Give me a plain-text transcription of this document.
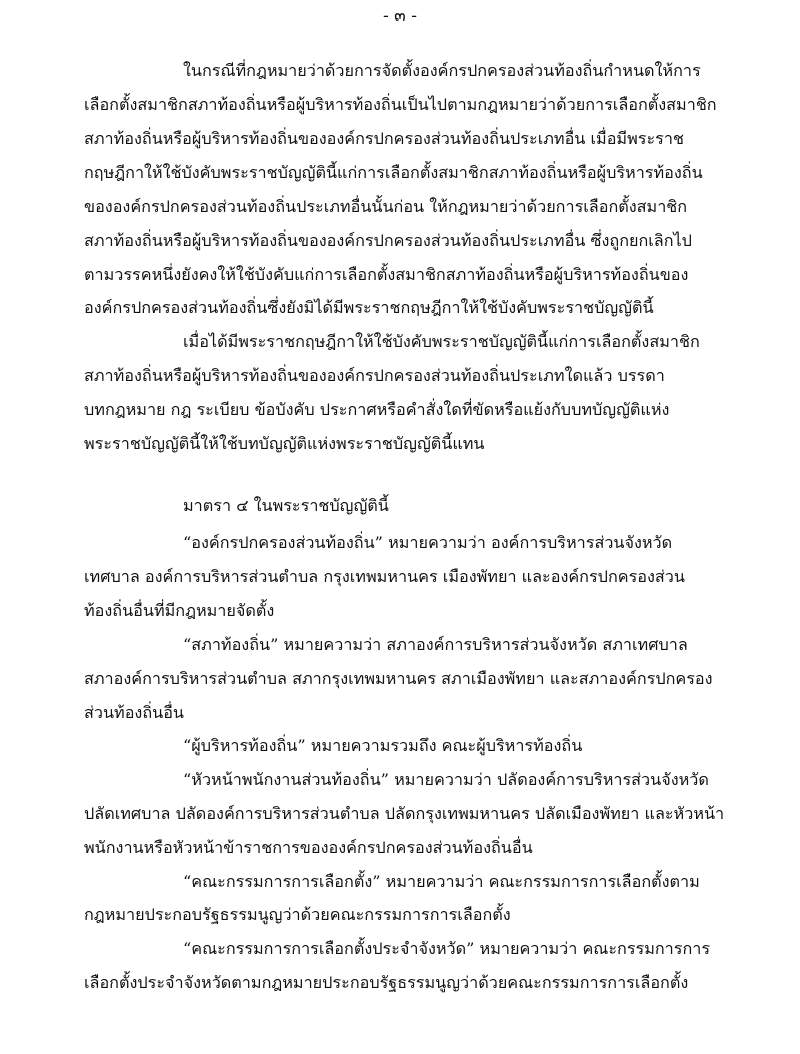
- ๓ -
ในกรณีที่กฎหมายว่าด้วยการจัดตั้งองค์กรปกครองส่วนท้องถิ่นกำหนดให้การ
เลือกตั้งสมาชิกสภาท้องถิ่นหรือผู้บริหารท้องถิ่นเป็นไปตามกฎหมายว่าด้วยการเลือกตั้งสมาชิก
สภาท้องถิ่นหรือผู้บริหารท้องถิ่นขององค์กรปกครองส่วนท้องถิ่นประเภทอื่น เมื่อมีพระราช
กฤษฎีกาให้ใช้บังคับพระราชบัญญัตินี้แก่การเลือกตั้งสมาชิกสภาท้องถิ่นหรือผู้บริหารท้องถิ่น
ขององค์กรปกครองส่วนท้องถิ่นประเภทอื่นนั้นก่อน ให้กฎหมายว่าด้วยการเลือกตั้งสมาชิก
สภาท้องถิ่นหรือผู้บริหารท้องถิ่นขององค์กรปกครองส่วนท้องถิ่นประเภทอื่น ซึ่งถูกยกเลิกไป
ตามวรรคหนึ่งยังคงให้ใช้บังคับแก่การเลือกตั้งสมาชิกสภาท้องถิ่นหรือผู้บริหารท้องถิ่นของ
องค์กรปกครองส่วนท้องถิ่นซึ่งยังมิได้มีพระราชกฤษฎีกาให้ใช้บังคับพระราชบัญญัตินี้
เมื่อได้มีพระราชกฤษฎีกาให้ใช้บังคับพระราชบัญญัตินี้แก่การเลือกตั้งสมาชิก
สภาท้องถิ่นหรือผู้บริหารท้องถิ่นขององค์กรปกครองส่วนท้องถิ่นประเภทใดแล้ว บรรดา
บทกฎหมาย กฎ ระเบียบ ข้อบังคับ ประกาศหรือคำสั่งใดที่ขัดหรือแย้งกับบทบัญญัติแห่ง
พระราชบัญญัตินี้ให้ใช้บทบัญญัติแห่งพระราชบัญญัตินี้แทน
มาตรา ๔ ในพระราชบัญญัตินี้
“องค์กรปกครองส่วนท้องถิ่น” หมายความว่า องค์การบริหารส่วนจังหวัด
เทศบาล องค์การบริหารส่วนตำบล กรุงเทพมหานคร เมืองพัทยา และองค์กรปกครองส่วน
ท้องถิ่นอื่นที่มีกฎหมายจัดตั้ง
“สภาท้องถิ่น” หมายความว่า สภาองค์การบริหารส่วนจังหวัด สภาเทศบาล
สภาองค์การบริหารส่วนตำบล สภากรุงเทพมหานคร สภาเมืองพัทยา และสภาองค์กรปกครอง
ส่วนท้องถิ่นอื่น
“ผู้บริหารท้องถิ่น” หมายความรวมถึง คณะผู้บริหารท้องถิ่น
“หัวหน้าพนักงานส่วนท้องถิ่น” หมายความว่า ปลัดองค์การบริหารส่วนจังหวัด
ปลัดเทศบาล ปลัดองค์การบริหารส่วนตำบล ปลัดกรุงเทพมหานคร ปลัดเมืองพัทยา และหัวหน้า
พนักงานหรือหัวหน้าข้าราชการขององค์กรปกครองส่วนท้องถิ่นอื่น
“คณะกรรมการการเลือกตั้ง” หมายความว่า คณะกรรมการการเลือกตั้งตาม
กฎหมายประกอบรัฐธรรมนูญว่าด้วยคณะกรรมการการเลือกตั้ง
“คณะกรรมการการเลือกตั้งประจำจังหวัด” หมายความว่า คณะกรรมการการ
เลือกตั้งประจำจังหวัดตามกฎหมายประกอบรัฐธรรมนูญว่าด้วยคณะกรรมการการเลือกตั้ง
